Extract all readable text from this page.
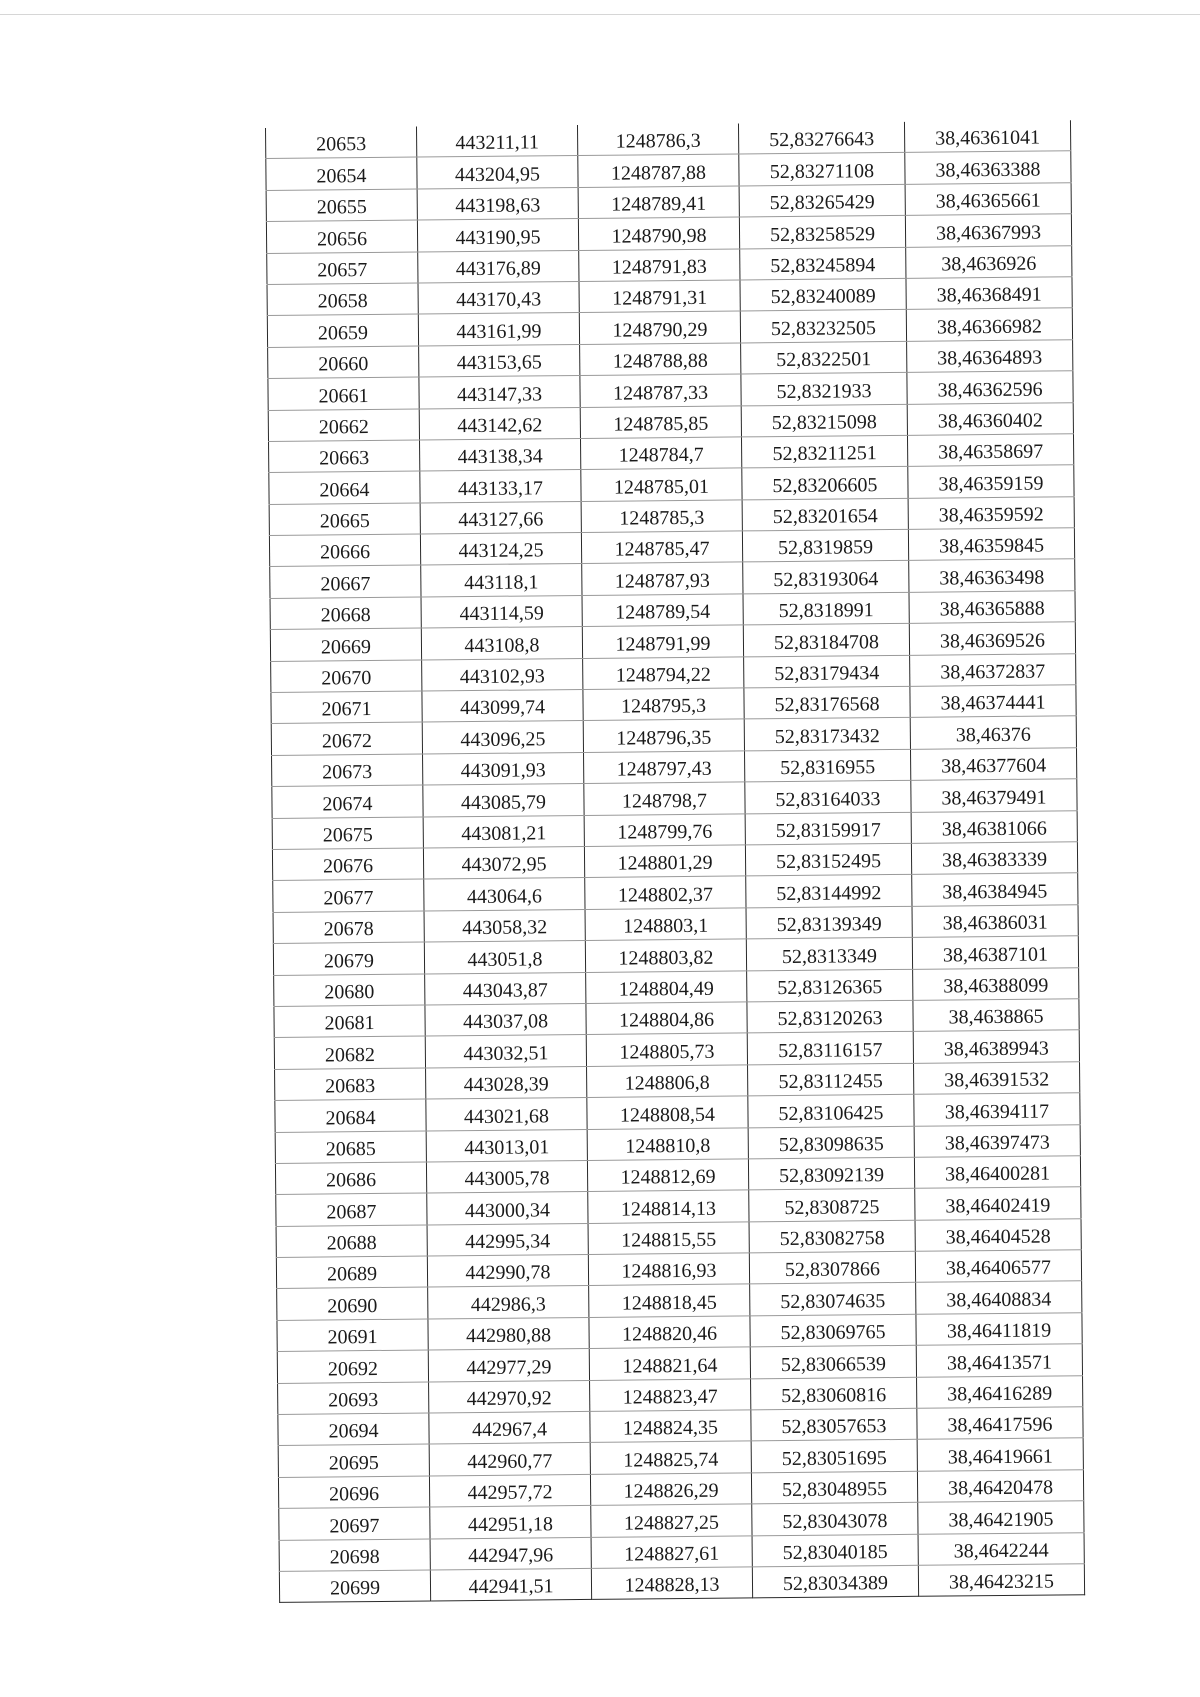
20653	443211,11	1248786,3	52,83276643	38,46361041
20654	443204,95	1248787,88	52,83271108	38,46363388
20655	443198,63	1248789,41	52,83265429	38,46365661
20656	443190,95	1248790,98	52,83258529	38,46367993
20657	443176,89	1248791,83	52,83245894	38,4636926
20658	443170,43	1248791,31	52,83240089	38,46368491
20659	443161,99	1248790,29	52,83232505	38,46366982
20660	443153,65	1248788,88	52,8322501	38,46364893
20661	443147,33	1248787,33	52,8321933	38,46362596
20662	443142,62	1248785,85	52,83215098	38,46360402
20663	443138,34	1248784,7	52,83211251	38,46358697
20664	443133,17	1248785,01	52,83206605	38,46359159
20665	443127,66	1248785,3	52,83201654	38,46359592
20666	443124,25	1248785,47	52,8319859	38,46359845
20667	443118,1	1248787,93	52,83193064	38,46363498
20668	443114,59	1248789,54	52,8318991	38,46365888
20669	443108,8	1248791,99	52,83184708	38,46369526
20670	443102,93	1248794,22	52,83179434	38,46372837
20671	443099,74	1248795,3	52,83176568	38,46374441
20672	443096,25	1248796,35	52,83173432	38,46376
20673	443091,93	1248797,43	52,8316955	38,46377604
20674	443085,79	1248798,7	52,83164033	38,46379491
20675	443081,21	1248799,76	52,83159917	38,46381066
20676	443072,95	1248801,29	52,83152495	38,46383339
20677	443064,6	1248802,37	52,83144992	38,46384945
20678	443058,32	1248803,1	52,83139349	38,46386031
20679	443051,8	1248803,82	52,8313349	38,46387101
20680	443043,87	1248804,49	52,83126365	38,46388099
20681	443037,08	1248804,86	52,83120263	38,4638865
20682	443032,51	1248805,73	52,83116157	38,46389943
20683	443028,39	1248806,8	52,83112455	38,46391532
20684	443021,68	1248808,54	52,83106425	38,46394117
20685	443013,01	1248810,8	52,83098635	38,46397473
20686	443005,78	1248812,69	52,83092139	38,46400281
20687	443000,34	1248814,13	52,8308725	38,46402419
20688	442995,34	1248815,55	52,83082758	38,46404528
20689	442990,78	1248816,93	52,8307866	38,46406577
20690	442986,3	1248818,45	52,83074635	38,46408834
20691	442980,88	1248820,46	52,83069765	38,46411819
20692	442977,29	1248821,64	52,83066539	38,46413571
20693	442970,92	1248823,47	52,83060816	38,46416289
20694	442967,4	1248824,35	52,83057653	38,46417596
20695	442960,77	1248825,74	52,83051695	38,46419661
20696	442957,72	1248826,29	52,83048955	38,46420478
20697	442951,18	1248827,25	52,83043078	38,46421905
20698	442947,96	1248827,61	52,83040185	38,4642244
20699	442941,51	1248828,13	52,83034389	38,46423215
